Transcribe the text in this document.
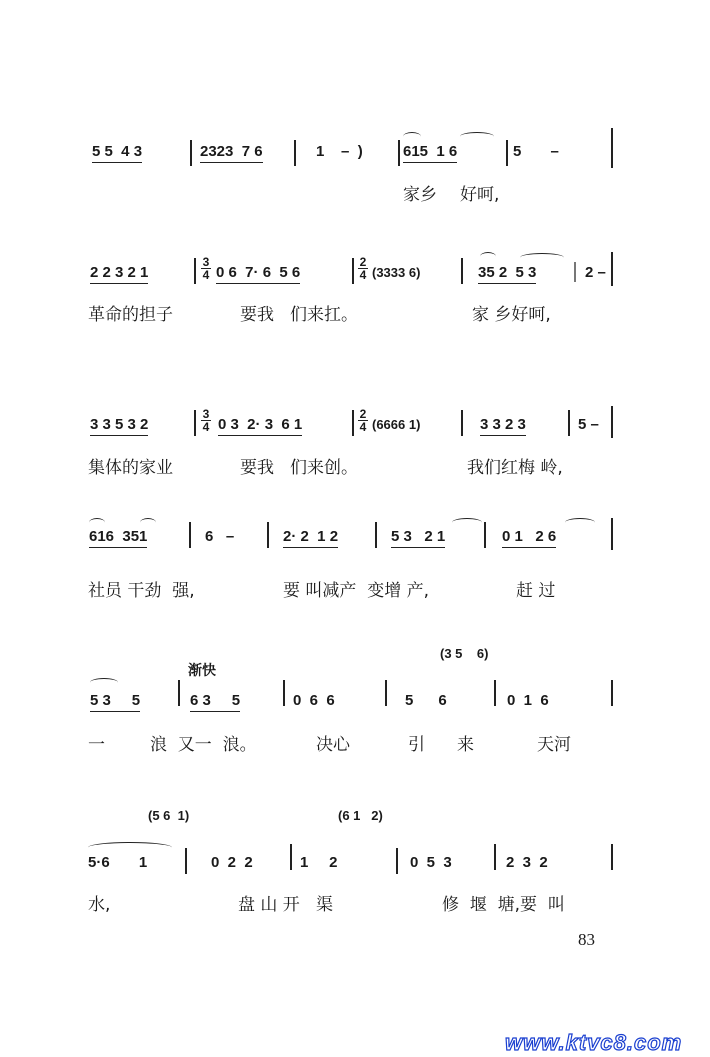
5 5  4 3	2323  7 6	1    –  )	615  1 6	5       –
家乡 好呵,
2 2 3 2 1
3
4 0 6  7· 6  5 6
2
4 (3333 6)	35 2  5 3	2 –
革命的担子	要我 们来扛。	家 乡好呵,
3 3 5 3 2
3
4 0 3  2· 3  6 1
2
4 (6666 1)	3 3 2 3	5 –
集体的家业	要我 们来创。	我们红梅 岭,
616  351	6   –	2· 2  1 2	5 3   2 1	0 1   2 6
社员 干劲  强,	要 叫减产  变增 产,	赶 过
渐快
(3 5    6)
5 3     5	6 3     5	0  6  6	5      6	0  1  6
一	浪  又一  浪。	决心	引 来	天河
(5 6  1)	(6 1   2)
5·6       1	0  2  2	1     2	0  5  3	2  3  2
水,	盘 山 开   渠	修  堰  塘,要  叫
83
www.ktvc8.com
